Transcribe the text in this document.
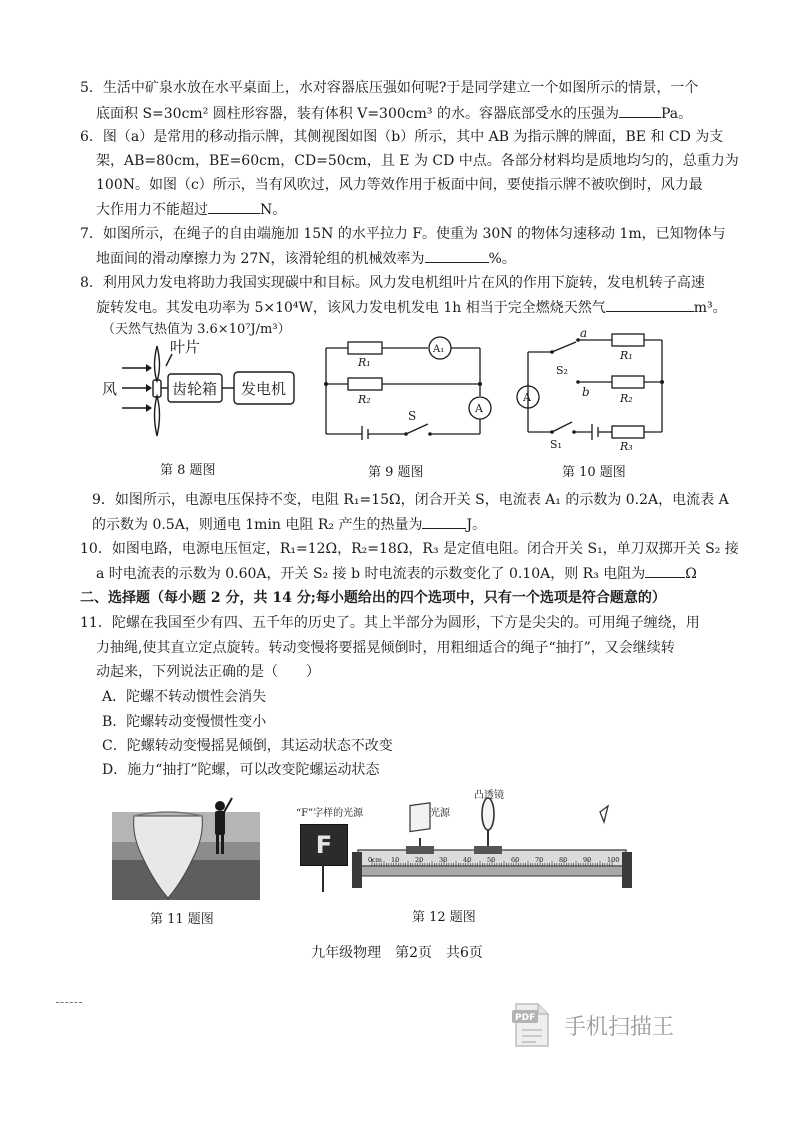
5．生活中矿泉水放在水平桌面上，水对容器底压强如何呢?于是同学建立一个如图所示的情景，一个
底面积 S=30cm² 圆柱形容器，装有体积 V=300cm³ 的水。容器底部受水的压强为	Pa。
6．图（a）是常用的移动指示牌，其侧视图如图（b）所示，其中 AB 为指示牌的牌面，BE 和 CD 为支
架，AB=80cm，BE=60cm，CD=50cm，且 E 为 CD 中点。各部分材料均是质地均匀的，总重力为
100N。如图（c）所示，当有风吹过，风力等效作用于板面中间，要使指示牌不被吹倒时，风力最
大作用力不能超过	N。
7．如图所示，在绳子的自由端施加 15N 的水平拉力 F。使重为 30N 的物体匀速移动 1m，已知物体与
地面间的滑动摩擦力为 27N，该滑轮组的机械效率为	%。
8．利用风力发电将助力我国实现碳中和目标。风力发电机组叶片在风的作用下旋转，发电机转子高速
旋转发电。其发电功率为 5×10⁴W，该风力发电机发电 1h 相当于完全燃烧天然气	m³。
（天然气热值为 3.6×10⁷J/m³）
叶片
风	齿轮箱 发电机
R₁
R₂
A₁
A
S
a
b
R₁
R₂
R₃
S₂
S₁
A
第 8 题图	第 9 题图	第 10 题图
9．如图所示，电源电压保持不变，电阻 R₁=15Ω，闭合开关 S，电流表 A₁ 的示数为 0.2A，电流表 A
的示数为 0.5A，则通电 1min 电阻 R₂ 产生的热量为	J。
10．如图电路，电源电压恒定，R₁=12Ω，R₂=18Ω，R₃ 是定值电阻。闭合开关 S₁，单刀双掷开关 S₂ 接
a 时电流表的示数为 0.60A，开关 S₂ 接 b 时电流表的示数变化了 0.10A，则 R₃ 电阻为	Ω
二、选择题（每小题 2 分，共 14 分;每小题给出的四个选项中，只有一个选项是符合题意的）
11．陀螺在我国至少有四、五千年的历史了。其上半部分为圆形，下方是尖尖的。可用绳子缠绕，用
力抽绳,使其直立定点旋转。转动变慢将要摇晃倾倒时，用粗细适合的绳子“抽打”，又会继续转
动起来，下列说法正确的是（　　）
A．陀螺不转动惯性会消失
B．陀螺转动变慢惯性变小
C．陀螺转动变慢摇晃倾倒，其运动状态不改变
D．施力“抽打”陀螺，可以改变陀螺运动状态
第 11 题图
“F”字样的光源
F
0cm 10 20 30 40 50 60 70 80 90 100
光源
凸透镜
第 12 题图
九年级物理　第2页　共6页
PDF 手机扫描王
